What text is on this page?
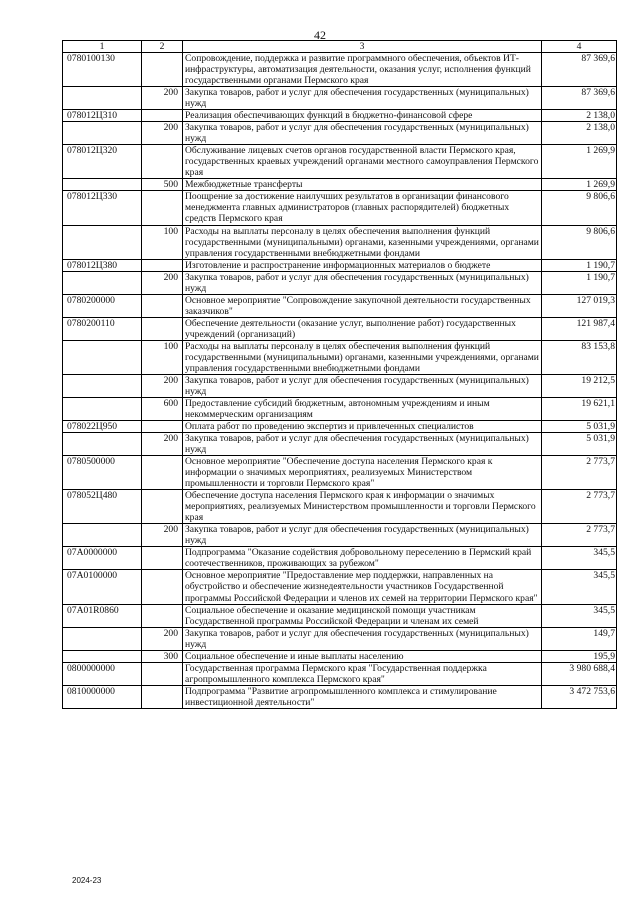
42
1	2	3	4
0780100130		Сопровождение, поддержка и развитие программного обеспечения, объектов ИТ-инфраструктуры, автоматизация деятельности, оказания услуг, исполнения функций государственными органами Пермского края	87 369,6
	200	Закупка товаров, работ и услуг для обеспечения государственных (муниципальных) нужд	87 369,6
078012Ц310		Реализация обеспечивающих функций в бюджетно-финансовой сфере	2 138,0
	200	Закупка товаров, работ и услуг для обеспечения государственных (муниципальных) нужд	2 138,0
078012Ц320		Обслуживание лицевых счетов органов государственной власти Пермского края, государственных краевых учреждений органами местного самоуправления Пермского края	1 269,9
	500	Межбюджетные трансферты	1 269,9
078012Ц330		Поощрение за достижение наилучших результатов в организации финансового менеджмента главных администраторов (главных распорядителей) бюджетных средств Пермского края	9 806,6
	100	Расходы на выплаты персоналу в целях обеспечения выполнения функций государственными (муниципальными) органами, казенными учреждениями, органами управления государственными внебюджетными фондами	9 806,6
078012Ц380		Изготовление и распространение информационных материалов о бюджете	1 190,7
	200	Закупка товаров, работ и услуг для обеспечения государственных (муниципальных) нужд	1 190,7
0780200000		Основное мероприятие "Сопровождение закупочной деятельности государственных заказчиков"	127 019,3
0780200110		Обеспечение деятельности (оказание услуг, выполнение работ) государственных учреждений (организаций)	121 987,4
	100	Расходы на выплаты персоналу в целях обеспечения выполнения функций государственными (муниципальными) органами, казенными учреждениями, органами управления государственными внебюджетными фондами	83 153,8
	200	Закупка товаров, работ и услуг для обеспечения государственных (муниципальных) нужд	19 212,5
	600	Предоставление субсидий бюджетным, автономным учреждениям и иным некоммерческим организациям	19 621,1
078022Ц950		Оплата работ по проведению экспертиз и привлеченных специалистов	5 031,9
	200	Закупка товаров, работ и услуг для обеспечения государственных (муниципальных) нужд	5 031,9
0780500000		Основное мероприятие "Обеспечение доступа населения Пермского края к информации о значимых мероприятиях, реализуемых Министерством промышленности и торговли Пермского края"	2 773,7
078052Ц480		Обеспечение доступа населения Пермского края к информации о значимых мероприятиях, реализуемых Министерством промышленности и торговли Пермского края	2 773,7
	200	Закупка товаров, работ и услуг для обеспечения государственных (муниципальных) нужд	2 773,7
07А0000000		Подпрограмма "Оказание содействия добровольному переселению в Пермский край соотечественников, проживающих за рубежом"	345,5
07А0100000		Основное мероприятие "Предоставление мер поддержки, направленных на обустройство и обеспечение жизнедеятельности участников Государственной программы Российской Федерации и членов их семей на территории Пермского края"	345,5
07А01R0860		Социальное обеспечение и оказание медицинской помощи участникам Государственной программы Российской Федерации и членам их семей	345,5
	200	Закупка товаров, работ и услуг для обеспечения государственных (муниципальных) нужд	149,7
	300	Социальное обеспечение и иные выплаты населению	195,9
0800000000		Государственная программа Пермского края "Государственная поддержка агропромышленного комплекса Пермского края"	3 980 688,4
0810000000		Подпрограмма "Развитие агропромышленного комплекса и стимулирование инвестиционной деятельности"	3 472 753,6
2024-23
